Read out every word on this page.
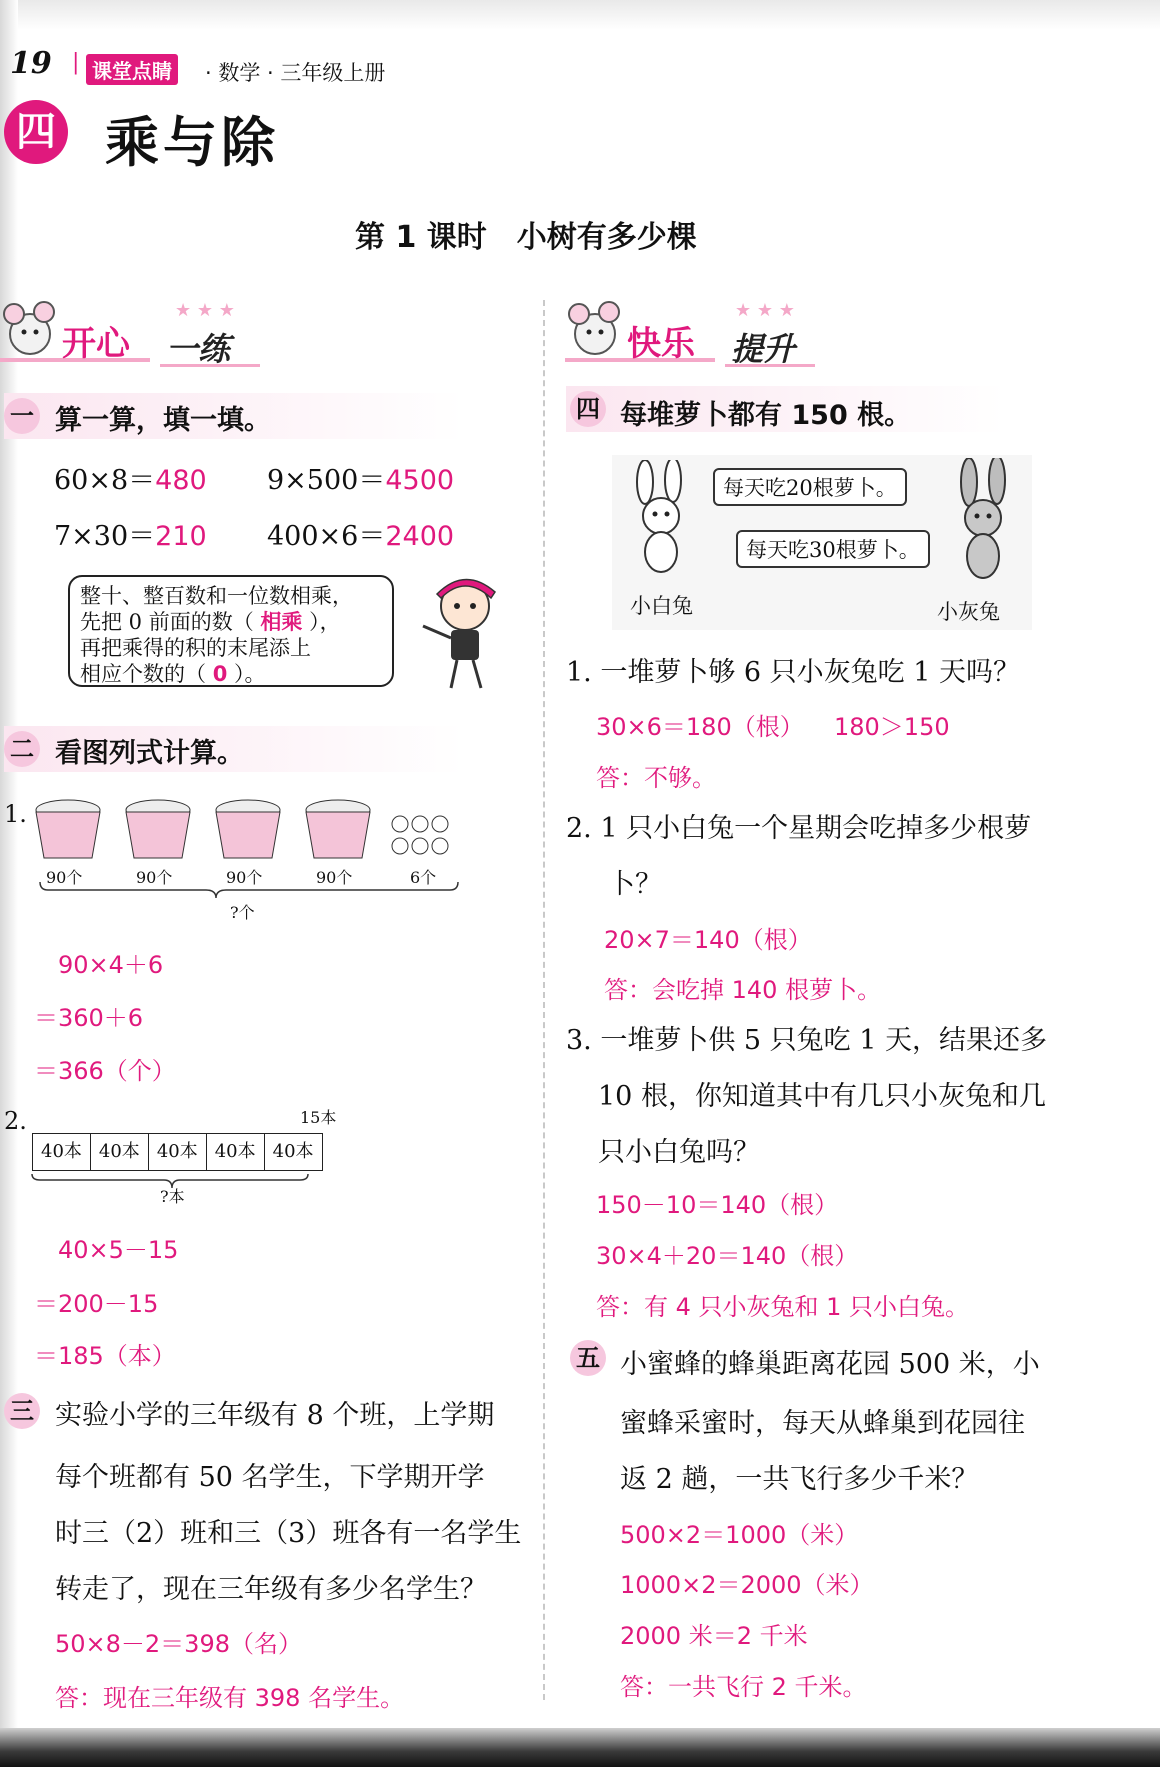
19 | 课堂点睛 · 数学 · 三年级上册
四 乘与除
第 1 课时　小树有多少棵
★ ★ ★
开心 一练
一 算一算，填一填。
60×8＝480 9×500＝4500
7×30＝210 400×6＝2400
整十、整百数和一位数相乘，
先把 0 前面的数（ 相乘 ），
再把乘得的积的末尾添上
相应个数的（ 0 ）。
二 看图列式计算。
1.
90个	90个	90个	90个	6个
?个
90×4＋6
＝360＋6
＝366（个）
2.	15本
40本 40本 40本 40本 40本
?本
40×5－15
＝200－15
＝185（本）
三 实验小学的三年级有 8 个班，上学期
每个班都有 50 名学生，下学期开学
时三（2）班和三（3）班各有一名学生
转走了，现在三年级有多少名学生？
50×8－2＝398（名）
答：现在三年级有 398 名学生。
★ ★ ★
快乐 提升
四 每堆萝卜都有 150 根。
小白兔
每天吃20根萝卜。
每天吃30根萝卜。
小灰兔
1. 一堆萝卜够 6 只小灰兔吃 1 天吗？
30×6＝180（根） 180＞150
答：不够。
2. 1 只小白兔一个星期会吃掉多少根萝
卜？
20×7＝140（根）
答：会吃掉 140 根萝卜。
3. 一堆萝卜供 5 只兔吃 1 天，结果还多
10 根，你知道其中有几只小灰兔和几
只小白兔吗？
150－10＝140（根）
30×4＋20＝140（根）
答：有 4 只小灰兔和 1 只小白兔。
五 小蜜蜂的蜂巢距离花园 500 米，小
蜜蜂采蜜时，每天从蜂巢到花园往
返 2 趟，一共飞行多少千米？
500×2＝1000（米）
1000×2＝2000（米）
2000 米＝2 千米
答：一共飞行 2 千米。
